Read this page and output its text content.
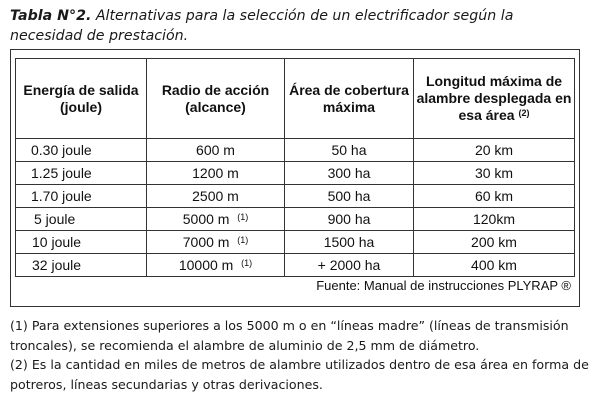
Tabla N°2. Alternativas para la selección de un electrificador según la necesidad de prestación.
Energía de salida (joule)	Radio de acción (alcance)	Área de cobertura máxima	Longitud máxima de alambre desplegada en esa área $^{(2)}$
0.30 joule	600 m	50 ha	20 km
1.25 joule	1200 m	300 ha	30 km
1.70 joule	2500 m	500 ha	60 km
5 joule	5000 m $^{(1)}$	900 ha	120km
10 joule	7000 m $^{(1)}$	1500 ha	200 km
32 joule	10000 m $^{(1)}$	+ 2000 ha	400 km
Fuente: Manual de instrucciones PLYRAP ®

(1) Para extensiones superiores a los 5000 m o en “líneas madre” (líneas de transmisión troncales), se recomienda el alambre de aluminio de 2,5 mm de diámetro.

(2) Es la cantidad en miles de metros de alambre utilizados dentro de esa área en forma de potreros, líneas secundarias y otras derivaciones.
